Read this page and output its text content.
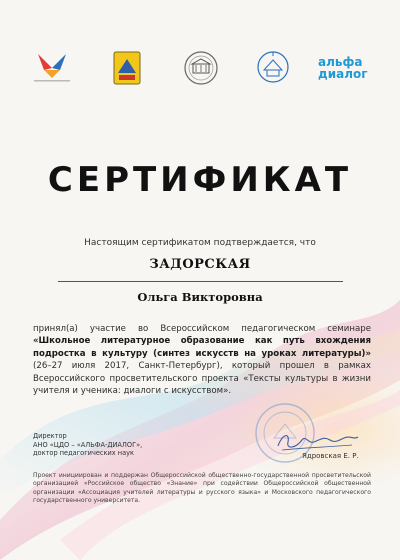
альфа
диалог
СЕРТИФИКАТ
Настоящим сертификатом подтверждается, что
ЗАДОРСКАЯ
Ольга Викторовна
принял(а) участие во Всероссийском педагогическом семинаре «Школьное литературное образование как путь вхождения подростка в культуру (синтез искусств на уроках литературы)» (26–27 июля 2017, Санкт-Петербург), который прошел в рамках Всероссийского просветительского проекта «Тексты культуры в жизни учителя и ученика: диалоги с искусством».
Директор
АНО «ЦДО – «АЛЬФА-ДИАЛОГ»,
доктор педагогических наук	Ядровская Е. Р.
Проект инициирован и поддержан Общероссийской общественно-государственной просветительской организацией «Российское общество «Знание» при содействии Общероссийской общественной организации «Ассоциация учителей литературы и русского языка» и Московского педагогического государственного университета.
